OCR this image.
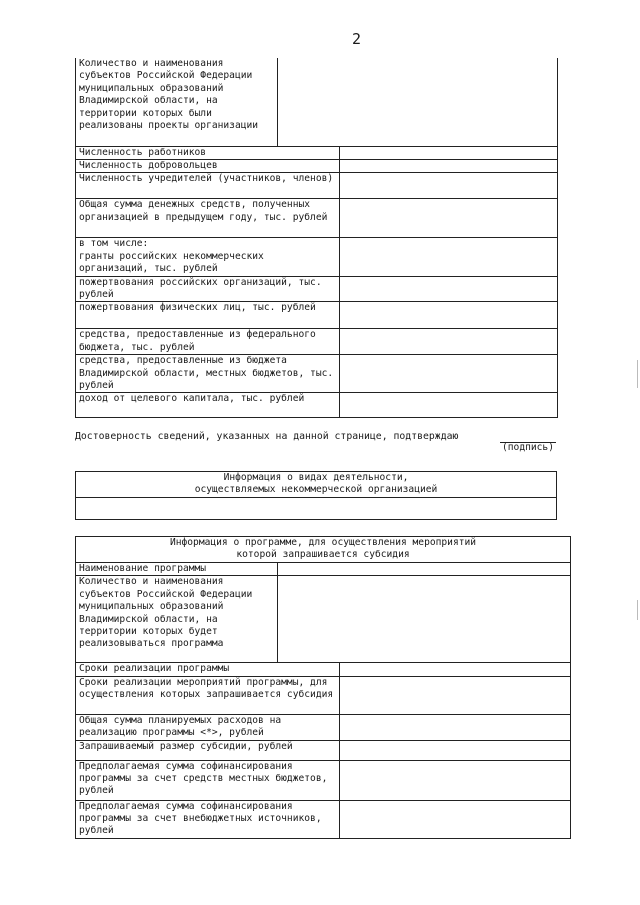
2
Количество и наименования субъектов Российской Федерации муниципальных образований Владимирской области, на территории которых были реализованы проекты организации		
Численность работников		
Численность добровольцев		
Численность учредителей (участников, членов)		
Общая сумма денежных средств, полученных организацией в предыдущем году, тыс. рублей		
в том числе:
гранты российских некоммерческих организаций, тыс. рублей		
пожертвования российских организаций, тыс. рублей		
пожертвования физических лиц, тыс. рублей		
средства, предоставленные из федерального бюджета, тыс. рублей		
средства, предоставленные из бюджета Владимирской области, местных бюджетов, тыс. рублей		
доход от целевого капитала, тыс. рублей		
Достоверность сведений, указанных на данной странице, подтверждаю
(подпись)
Информация о видах деятельности,
осуществляемых некоммерческой организацией

Информация о программе, для осуществления мероприятий
которой запрашивается субсидия		
Наименование программы		
Количество и наименования субъектов Российской Федерации муниципальных образований Владимирской области, на территории которых будет реализовываться программа		
Сроки реализации программы		
Сроки реализации мероприятий программы, для осуществления которых запрашивается субсидия		
Общая сумма планируемых расходов на реализацию программы <*>, рублей		
Запрашиваемый размер субсидии, рублей		
Предполагаемая сумма софинансирования программы за счет средств местных бюджетов, рублей		
Предполагаемая сумма софинансирования программы за счет внебюджетных источников, рублей		
